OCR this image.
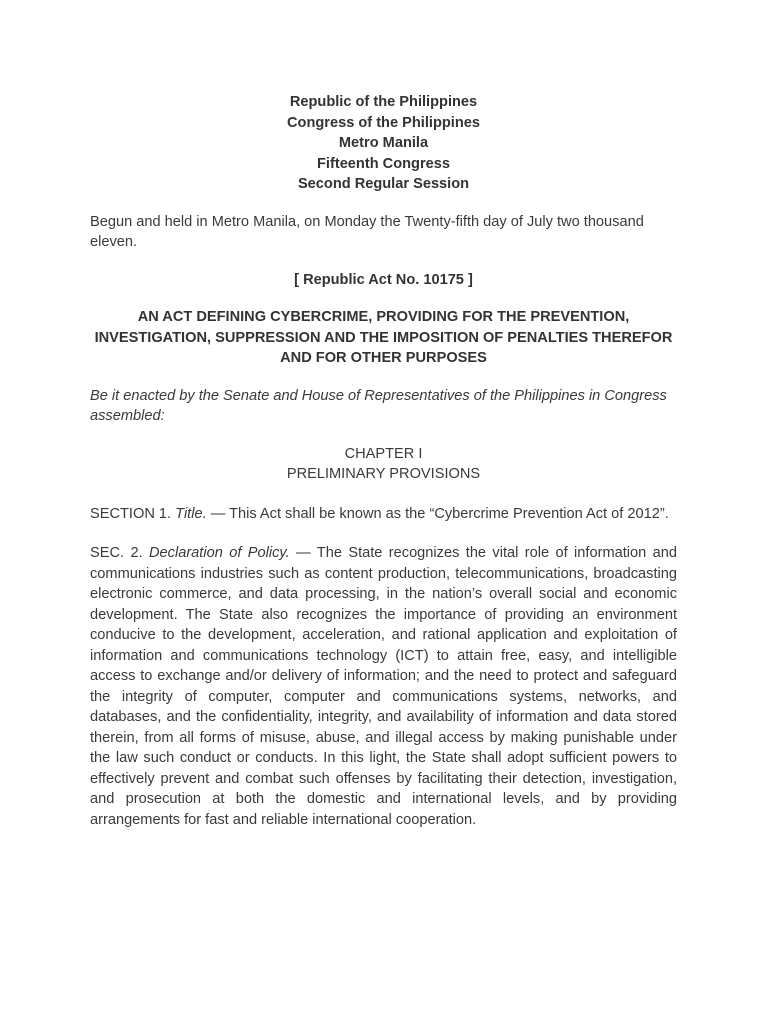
Republic of the Philippines
Congress of the Philippines
Metro Manila
Fifteenth Congress
Second Regular Session

Begun and held in Metro Manila, on Monday the Twenty-fifth day of July two thousand eleven.

[ Republic Act No. 10175 ]

AN ACT DEFINING CYBERCRIME, PROVIDING FOR THE PREVENTION, INVESTIGATION, SUPPRESSION AND THE IMPOSITION OF PENALTIES THEREFOR AND FOR OTHER PURPOSES

Be it enacted by the Senate and House of Representatives of the Philippines in Congress assembled:

CHAPTER I
PRELIMINARY PROVISIONS

SECTION 1. Title. — This Act shall be known as the “Cybercrime Prevention Act of 2012”.

SEC. 2. Declaration of Policy. — The State recognizes the vital role of information and communications industries such as content production, telecommunications, broadcasting electronic commerce, and data processing, in the nation’s overall social and economic development. The State also recognizes the importance of providing an environment conducive to the development, acceleration, and rational application and exploitation of information and communications technology (ICT) to attain free, easy, and intelligible access to exchange and/or delivery of information; and the need to protect and safeguard the integrity of computer, computer and communications systems, networks, and databases, and the confidentiality, integrity, and availability of information and data stored therein, from all forms of misuse, abuse, and illegal access by making punishable under the law such conduct or conducts. In this light, the State shall adopt sufficient powers to effectively prevent and combat such offenses by facilitating their detection, investigation, and prosecution at both the domestic and international levels, and by providing arrangements for fast and reliable international cooperation.
